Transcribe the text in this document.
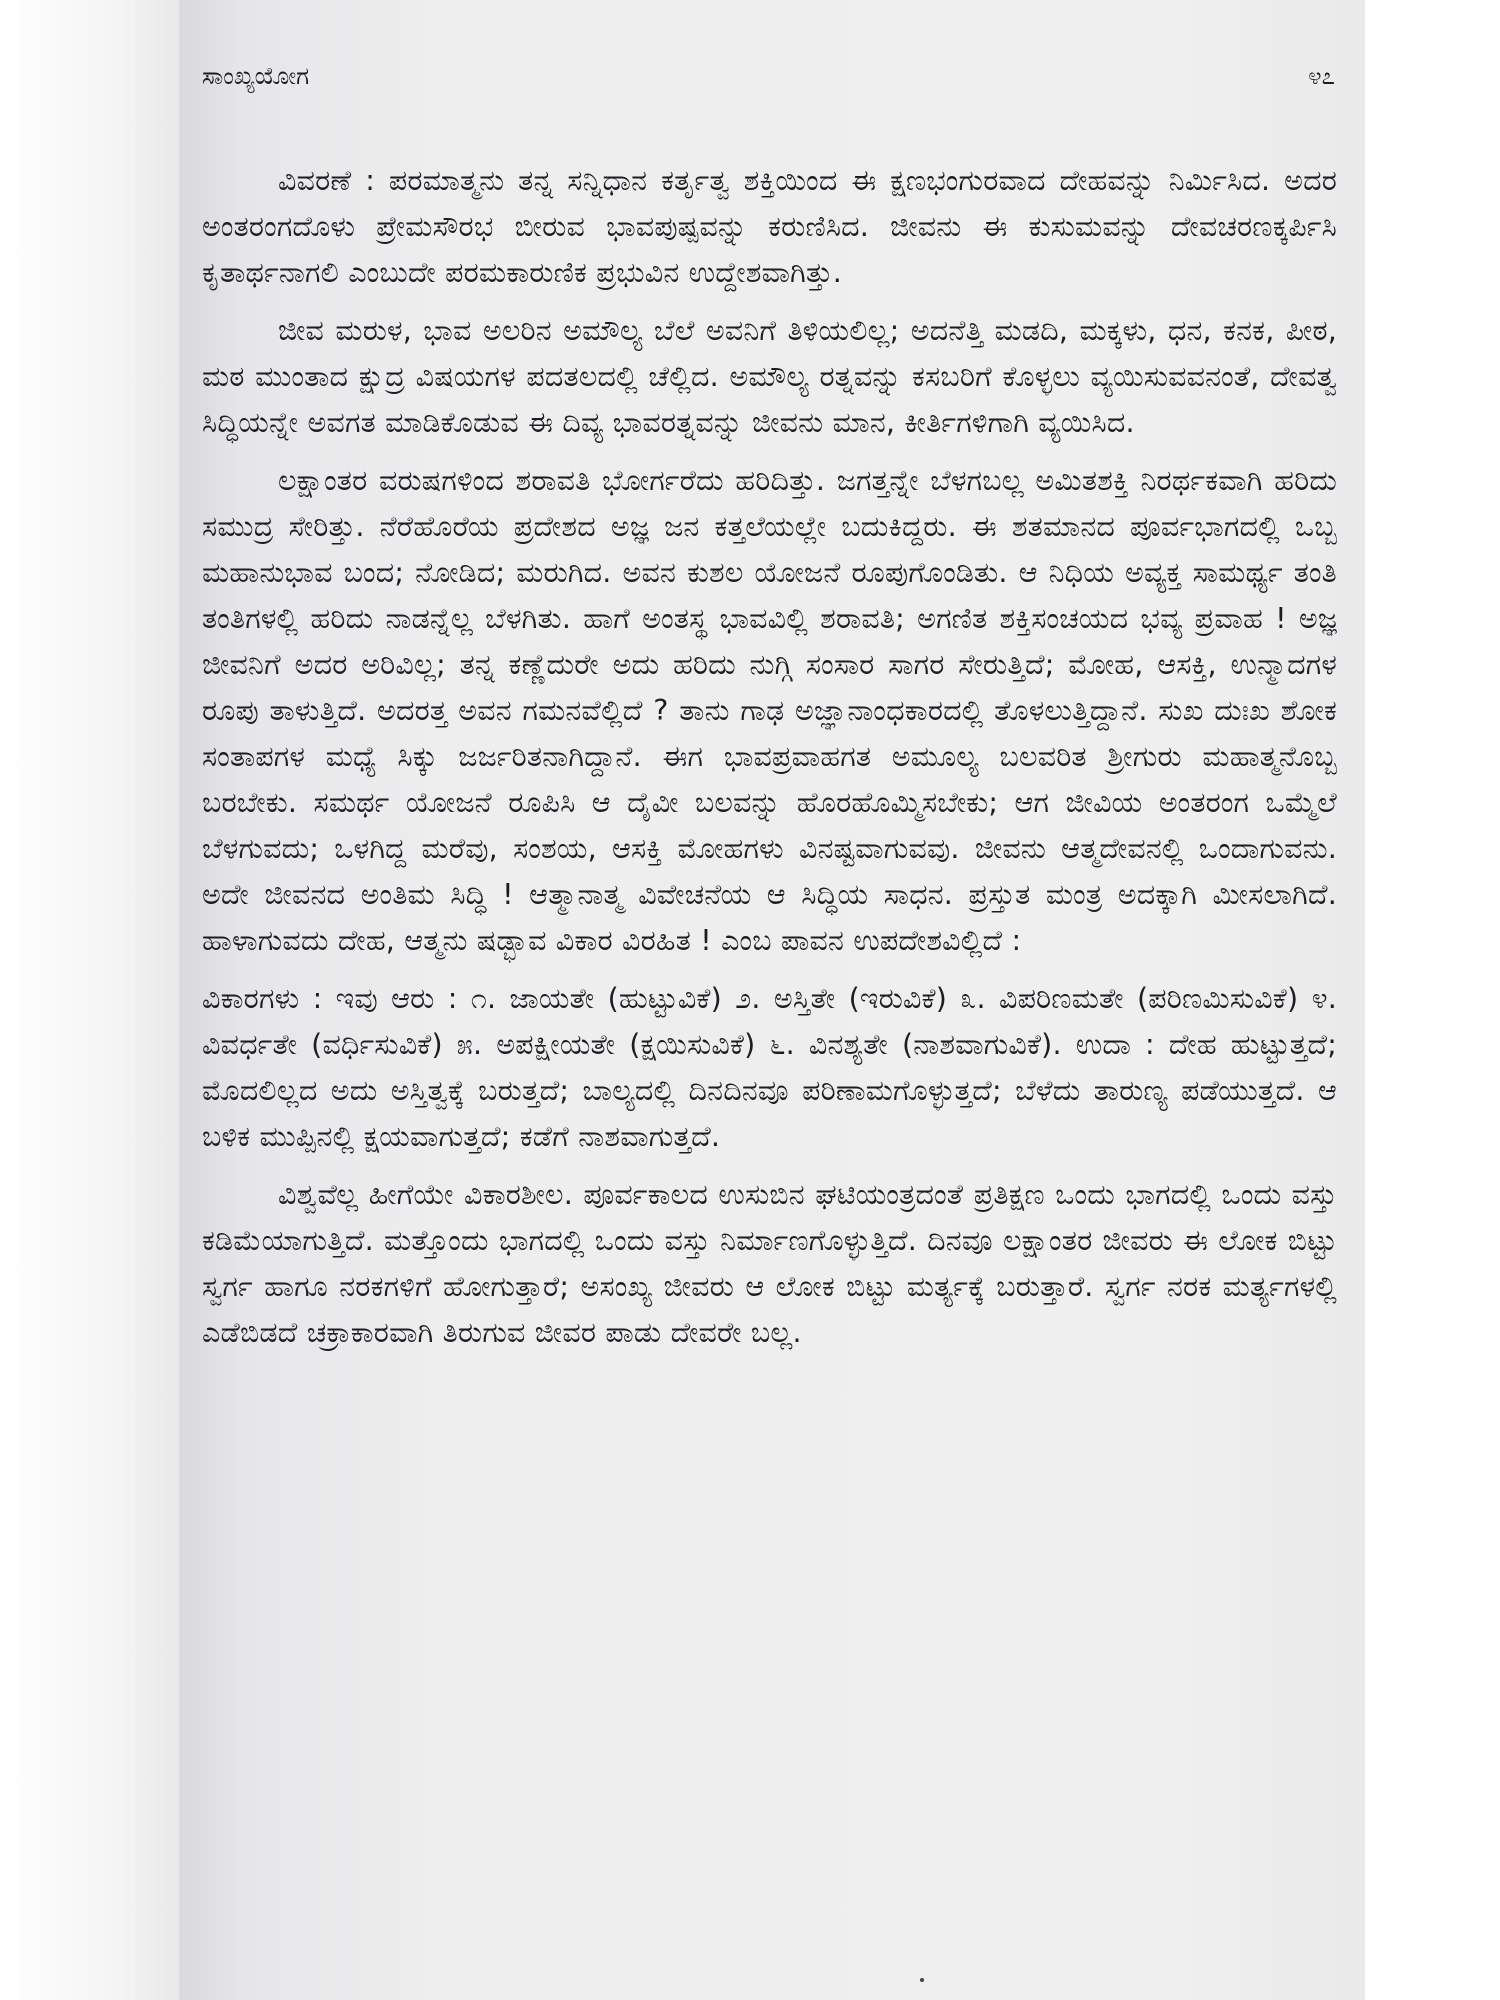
ಸಾಂಖ್ಯಯೋಗ	೪೭

ವಿವರಣೆ : ಪರಮಾತ್ಮನು ತನ್ನ ಸನ್ನಿಧಾನ ಕರ್ತೃತ್ವ ಶಕ್ತಿಯಿಂದ ಈ ಕ್ಷಣಭಂಗುರವಾದ ದೇಹವನ್ನು ನಿರ್ಮಿಸಿದ. ಅದರ ಅಂತರಂಗದೊಳು ಪ್ರೇಮಸೌರಭ ಬೀರುವ ಭಾವಪುಷ್ಪವನ್ನು ಕರುಣಿಸಿದ. ಜೀವನು ಈ ಕುಸುಮವನ್ನು ದೇವಚರಣಕ್ಕರ್ಪಿಸಿ ಕೃತಾರ್ಥನಾಗಲಿ ಎಂಬುದೇ ಪರಮಕಾರುಣಿಕ ಪ್ರಭುವಿನ ಉದ್ದೇಶವಾಗಿತ್ತು.

ಜೀವ ಮರುಳ, ಭಾವ ಅಲರಿನ ಅಮೌಲ್ಯ ಬೆಲೆ ಅವನಿಗೆ ತಿಳಿಯಲಿಲ್ಲ; ಅದನೆತ್ತಿ ಮಡದಿ, ಮಕ್ಕಳು, ಧನ, ಕನಕ, ಪೀಠ, ಮಠ ಮುಂತಾದ ಕ್ಷುದ್ರ ವಿಷಯಗಳ ಪದತಲದಲ್ಲಿ ಚೆಲ್ಲಿದ. ಅಮೌಲ್ಯ ರತ್ನವನ್ನು ಕಸಬರಿಗೆ ಕೊಳ್ಳಲು ವ್ಯಯಿಸುವವನಂತೆ, ದೇವತ್ವ ಸಿದ್ಧಿಯನ್ನೇ ಅವಗತ ಮಾಡಿಕೊಡುವ ಈ ದಿವ್ಯ ಭಾವರತ್ನವನ್ನು ಜೀವನು ಮಾನ, ಕೀರ್ತಿಗಳಿಗಾಗಿ ವ್ಯಯಿಸಿದ.

ಲಕ್ಷಾಂತರ ವರುಷಗಳಿಂದ ಶರಾವತಿ ಭೋರ್ಗರೆದು ಹರಿದಿತ್ತು. ಜಗತ್ತನ್ನೇ ಬೆಳಗಬಲ್ಲ ಅಮಿತಶಕ್ತಿ ನಿರರ್ಥಕವಾಗಿ ಹರಿದು ಸಮುದ್ರ ಸೇರಿತ್ತು. ನೆರೆಹೊರೆಯ ಪ್ರದೇಶದ ಅಜ್ಞ ಜನ ಕತ್ತಲೆಯಲ್ಲೇ ಬದುಕಿದ್ದರು. ಈ ಶತಮಾನದ ಪೂರ್ವಭಾಗದಲ್ಲಿ ಒಬ್ಬ ಮಹಾನುಭಾವ ಬಂದ; ನೋಡಿದ; ಮರುಗಿದ. ಅವನ ಕುಶಲ ಯೋಜನೆ ರೂಪುಗೊಂಡಿತು. ಆ ನಿಧಿಯ ಅವ್ಯಕ್ತ ಸಾಮರ್ಥ್ಯ ತಂತಿ ತಂತಿಗಳಲ್ಲಿ ಹರಿದು ನಾಡನ್ನೆಲ್ಲ ಬೆಳಗಿತು. ಹಾಗೆ ಅಂತಸ್ಥ ಭಾವವಿಲ್ಲಿ ಶರಾವತಿ; ಅಗಣಿತ ಶಕ್ತಿಸಂಚಯದ ಭವ್ಯ ಪ್ರವಾಹ ! ಅಜ್ಞ ಜೀವನಿಗೆ ಅದರ ಅರಿವಿಲ್ಲ; ತನ್ನ ಕಣ್ಣೆದುರೇ ಅದು ಹರಿದು ನುಗ್ಗಿ ಸಂಸಾರ ಸಾಗರ ಸೇರುತ್ತಿದೆ; ಮೋಹ, ಆಸಕ್ತಿ, ಉನ್ಮಾದಗಳ ರೂಪು ತಾಳುತ್ತಿದೆ. ಅದರತ್ತ ಅವನ ಗಮನವೆಲ್ಲಿದೆ ? ತಾನು ಗಾಢ ಅಜ್ಞಾನಾಂಧಕಾರದಲ್ಲಿ ತೊಳಲುತ್ತಿದ್ದಾನೆ. ಸುಖ ದುಃಖ ಶೋಕ ಸಂತಾಪಗಳ ಮಧ್ಯೆ ಸಿಕ್ಕು ಜರ್ಜರಿತನಾಗಿದ್ದಾನೆ. ಈಗ ಭಾವಪ್ರವಾಹಗತ ಅಮೂಲ್ಯ ಬಲವರಿತ ಶ್ರೀಗುರು ಮಹಾತ್ಮನೊಬ್ಬ ಬರಬೇಕು. ಸಮರ್ಥ ಯೋಜನೆ ರೂಪಿಸಿ ಆ ದೈವೀ ಬಲವನ್ನು ಹೊರಹೊಮ್ಮಿಸಬೇಕು; ಆಗ ಜೀವಿಯ ಅಂತರಂಗ ಒಮ್ಮೆಲೆ ಬೆಳಗುವದು; ಒಳಗಿದ್ದ ಮರೆವು, ಸಂಶಯ, ಆಸಕ್ತಿ ಮೋಹಗಳು ವಿನಷ್ಟವಾಗುವವು. ಜೀವನು ಆತ್ಮದೇವನಲ್ಲಿ ಒಂದಾಗುವನು. ಅದೇ ಜೀವನದ ಅಂತಿಮ ಸಿದ್ಧಿ ! ಆತ್ಮಾನಾತ್ಮ ವಿವೇಚನೆಯ ಆ ಸಿದ್ಧಿಯ ಸಾಧನ. ಪ್ರಸ್ತುತ ಮಂತ್ರ ಅದಕ್ಕಾಗಿ ಮೀಸಲಾಗಿದೆ. ಹಾಳಾಗುವದು ದೇಹ, ಆತ್ಮನು ಷಡ್ಭಾವ ವಿಕಾರ ವಿರಹಿತ ! ಎಂಬ ಪಾವನ ಉಪದೇಶವಿಲ್ಲಿದೆ :

ವಿಕಾರಗಳು : ಇವು ಆರು : ೧. ಜಾಯತೇ (ಹುಟ್ಟುವಿಕೆ) ೨. ಅಸ್ತಿತೇ (ಇರುವಿಕೆ) ೩. ವಿಪರಿಣಮತೇ (ಪರಿಣಮಿಸುವಿಕೆ) ೪. ವಿವರ್ಧತೇ (ವರ್ಧಿಸುವಿಕೆ) ೫. ಅಪಕ್ಷೀಯತೇ (ಕ್ಷಯಿಸುವಿಕೆ) ೬. ವಿನಶ್ಯತೇ (ನಾಶವಾಗುವಿಕೆ). ಉದಾ : ದೇಹ ಹುಟ್ಟುತ್ತದೆ; ಮೊದಲಿಲ್ಲದ ಅದು ಅಸ್ತಿತ್ವಕ್ಕೆ ಬರುತ್ತದೆ; ಬಾಲ್ಯದಲ್ಲಿ ದಿನದಿನವೂ ಪರಿಣಾಮಗೊಳ್ಳುತ್ತದೆ; ಬೆಳೆದು ತಾರುಣ್ಯ ಪಡೆಯುತ್ತದೆ. ಆ ಬಳಿಕ ಮುಪ್ಪಿನಲ್ಲಿ ಕ್ಷಯವಾಗುತ್ತದೆ; ಕಡೆಗೆ ನಾಶವಾಗುತ್ತದೆ.

ವಿಶ್ವವೆಲ್ಲ ಹೀಗೆಯೇ ವಿಕಾರಶೀಲ. ಪೂರ್ವಕಾಲದ ಉಸುಬಿನ ಘಟಿಯಂತ್ರದಂತೆ ಪ್ರತಿಕ್ಷಣ ಒಂದು ಭಾಗದಲ್ಲಿ ಒಂದು ವಸ್ತು ಕಡಿಮೆಯಾಗುತ್ತಿದೆ. ಮತ್ತೊಂದು ಭಾಗದಲ್ಲಿ ಒಂದು ವಸ್ತು ನಿರ್ಮಾಣಗೊಳ್ಳುತ್ತಿದೆ. ದಿನವೂ ಲಕ್ಷಾಂತರ ಜೀವರು ಈ ಲೋಕ ಬಿಟ್ಟು ಸ್ವರ್ಗ ಹಾಗೂ ನರಕಗಳಿಗೆ ಹೋಗುತ್ತಾರೆ; ಅಸಂಖ್ಯ ಜೀವರು ಆ ಲೋಕ ಬಿಟ್ಟು ಮರ್ತ್ಯಕ್ಕೆ ಬರುತ್ತಾರೆ. ಸ್ವರ್ಗ ನರಕ ಮರ್ತ್ಯಗಳಲ್ಲಿ ಎಡೆಬಿಡದೆ ಚಕ್ರಾಕಾರವಾಗಿ ತಿರುಗುವ ಜೀವರ ಪಾಡು ದೇವರೇ ಬಲ್ಲ.
